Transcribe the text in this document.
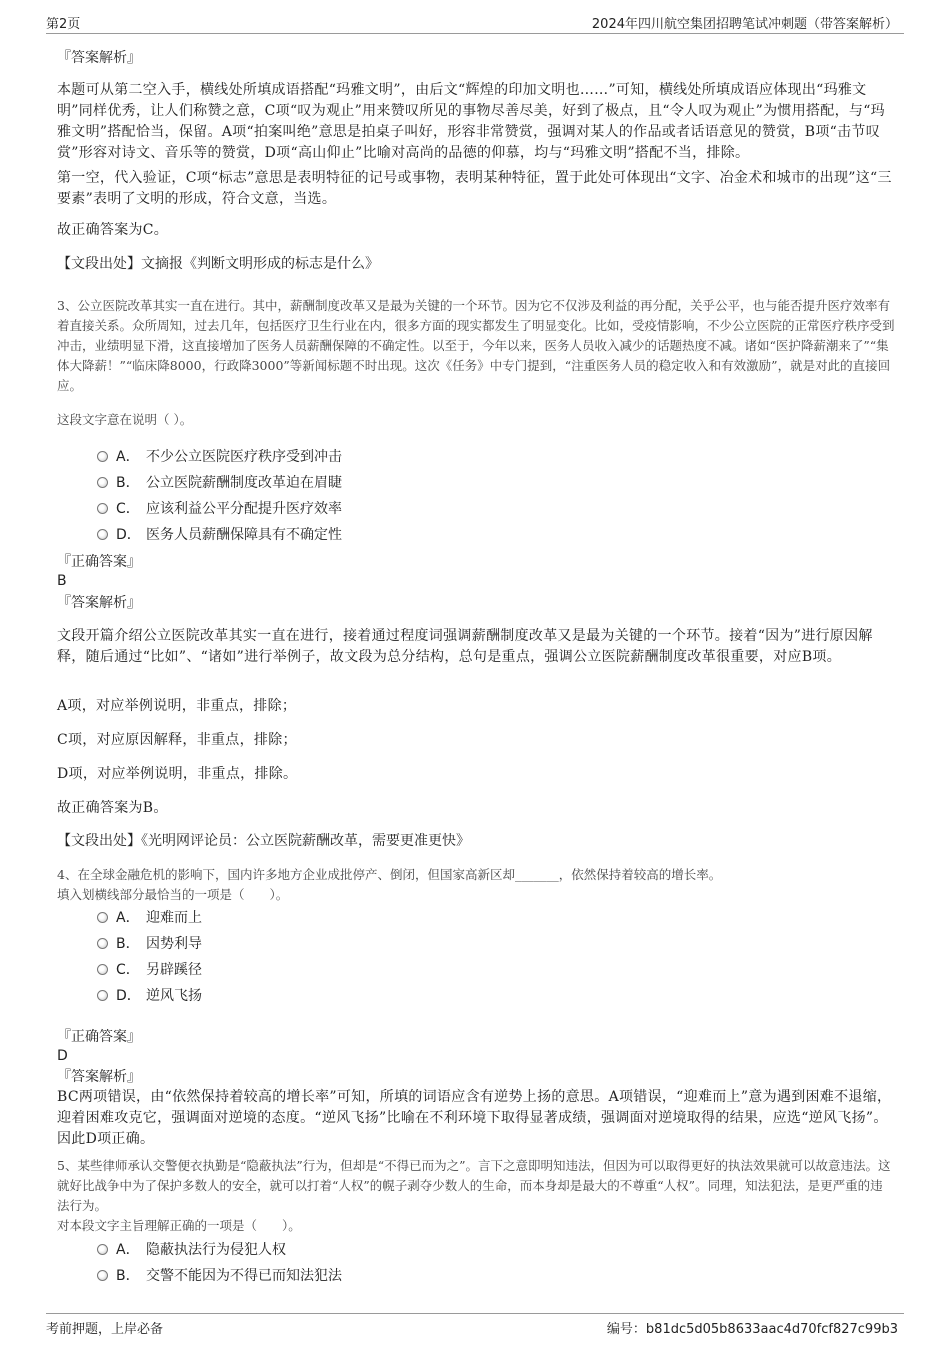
第2页	2024年四川航空集团招聘笔试冲刺题（带答案解析）

『答案解析』

本题可从第二空入手，横线处所填成语搭配“玛雅文明”，由后文“辉煌的印加文明也……”可知，横线处所填成语应体现出“玛雅文明”同样优秀，让人们称赞之意，C项“叹为观止”用来赞叹所见的事物尽善尽美，好到了极点，且“令人叹为观止”为惯用搭配，与“玛雅文明”搭配恰当，保留。A项“拍案叫绝”意思是拍桌子叫好，形容非常赞赏，强调对某人的作品或者话语意见的赞赏，B项“击节叹赏”形容对诗文、音乐等的赞赏，D项“高山仰止”比喻对高尚的品德的仰慕，均与“玛雅文明”搭配不当，排除。

第一空，代入验证，C项“标志”意思是表明特征的记号或事物，表明某种特征，置于此处可体现出“文字、冶金术和城市的出现”这“三要素”表明了文明的形成，符合文意，当选。

故正确答案为C。

【文段出处】文摘报《判断文明形成的标志是什么》

3、公立医院改革其实一直在进行。其中，薪酬制度改革又是最为关键的一个环节。因为它不仅涉及利益的再分配，关乎公平，也与能否提升医疗效率有着直接关系。众所周知，过去几年，包括医疗卫生行业在内，很多方面的现实都发生了明显变化。比如，受疫情影响，不少公立医院的正常医疗秩序受到冲击，业绩明显下滑，这直接增加了医务人员薪酬保障的不确定性。以至于，今年以来，医务人员收入减少的话题热度不减。诸如“医护降薪潮来了”“集体大降薪！”“临床降8000，行政降3000”等新闻标题不时出现。这次《任务》中专门提到，“注重医务人员的稳定收入和有效激励”，就是对此的直接回应。

这段文字意在说明（ ）。

A． 不少公立医院医疗秩序受到冲击
B． 公立医院薪酬制度改革迫在眉睫
C． 应该利益公平分配提升医疗效率
D． 医务人员薪酬保障具有不确定性

『正确答案』

B

『答案解析』

文段开篇介绍公立医院改革其实一直在进行，接着通过程度词强调薪酬制度改革又是最为关键的一个环节。接着“因为”进行原因解释，随后通过“比如”、“诸如”进行举例子，故文段为总分结构，总句是重点，强调公立医院薪酬制度改革很重要，对应B项。

A项，对应举例说明，非重点，排除；

C项，对应原因解释，非重点，排除；

D项，对应举例说明，非重点，排除。

故正确答案为B。

【文段出处】《光明网评论员：公立医院薪酬改革，需要更准更快》

4、在全球金融危机的影响下，国内许多地方企业成批停产、倒闭，但国家高新区却_______，依然保持着较高的增长率。

填入划横线部分最恰当的一项是（　　）。

A． 迎难而上
B． 因势利导
C． 另辟蹊径
D． 逆风飞扬

『正确答案』

D

『答案解析』

BC两项错误，由“依然保持着较高的增长率”可知，所填的词语应含有逆势上扬的意思。A项错误，“迎难而上”意为遇到困难不退缩，迎着困难攻克它，强调面对逆境的态度。“逆风飞扬”比喻在不利环境下取得显著成绩，强调面对逆境取得的结果，应选“逆风飞扬”。因此D项正确。

5、某些律师承认交警便衣执勤是“隐蔽执法”行为，但却是“不得已而为之”。言下之意即明知违法，但因为可以取得更好的执法效果就可以故意违法。这就好比战争中为了保护多数人的安全，就可以打着“人权”的幌子剥夺少数人的生命，而本身却是最大的不尊重“人权”。同理，知法犯法，是更严重的违法行为。

对本段文字主旨理解正确的一项是（　　）。

A． 隐蔽执法行为侵犯人权
B． 交警不能因为不得已而知法犯法
考前押题，上岸必备	编号：b81dc5d05b8633aac4d70fcf827c99b3
